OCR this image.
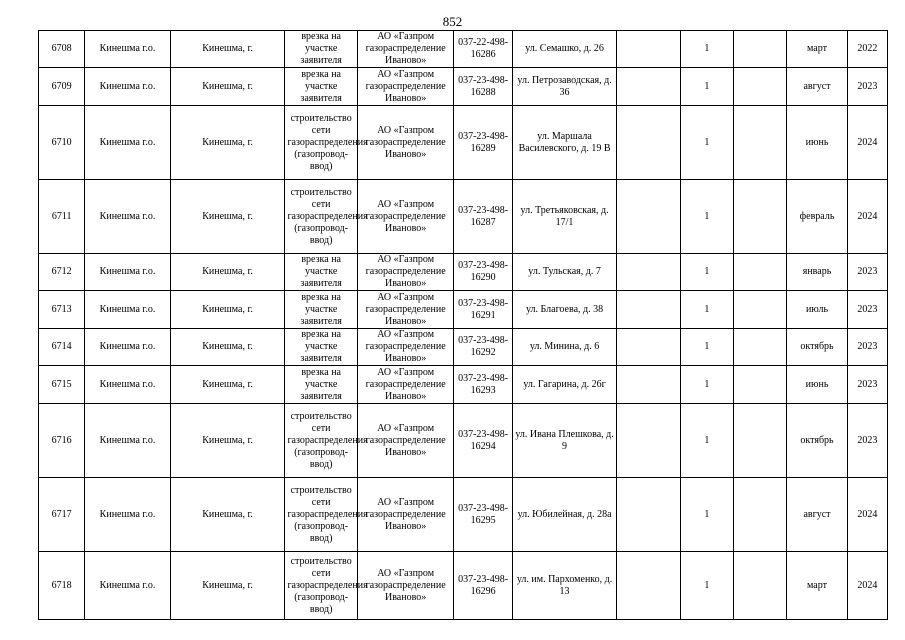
852
6708	Кинешма г.о.	Кинешма, г.	врезка на участке заявителя	АО «Газпром газораспределение Иваново»	037-22-498-16286	ул. Семашко, д. 26		1		март	2022
6709	Кинешма г.о.	Кинешма, г.	врезка на участке заявителя	АО «Газпром газораспределение Иваново»	037-23-498-16288	ул. Петрозаводская, д. 36		1		август	2023
6710	Кинешма г.о.	Кинешма, г.	строительство сети газораспределения (газопровод-ввод)	АО «Газпром газораспределение Иваново»	037-23-498-16289	ул. Маршала Василевского, д. 19 В		1		июнь	2024
6711	Кинешма г.о.	Кинешма, г.	строительство сети газораспределения (газопровод-ввод)	АО «Газпром газораспределение Иваново»	037-23-498-16287	ул. Третьяковская, д. 17/1		1		февраль	2024
6712	Кинешма г.о.	Кинешма, г.	врезка на участке заявителя	АО «Газпром газораспределение Иваново»	037-23-498-16290	ул. Тульская, д. 7		1		январь	2023
6713	Кинешма г.о.	Кинешма, г.	врезка на участке заявителя	АО «Газпром газораспределение Иваново»	037-23-498-16291	ул. Благоева, д. 38		1		июль	2023
6714	Кинешма г.о.	Кинешма, г.	врезка на участке заявителя	АО «Газпром газораспределение Иваново»	037-23-498-16292	ул. Минина, д. 6		1		октябрь	2023
6715	Кинешма г.о.	Кинешма, г.	врезка на участке заявителя	АО «Газпром газораспределение Иваново»	037-23-498-16293	ул. Гагарина, д. 26г		1		июнь	2023
6716	Кинешма г.о.	Кинешма, г.	строительство сети газораспределения (газопровод-ввод)	АО «Газпром газораспределение Иваново»	037-23-498-16294	ул. Ивана Плешкова, д. 9		1		октябрь	2023
6717	Кинешма г.о.	Кинешма, г.	строительство сети газораспределения (газопровод-ввод)	АО «Газпром газораспределение Иваново»	037-23-498-16295	ул. Юбилейная, д. 28а		1		август	2024
6718	Кинешма г.о.	Кинешма, г.	строительство сети газораспределения (газопровод-ввод)	АО «Газпром газораспределение Иваново»	037-23-498-16296	ул. им. Пархоменко, д. 13		1		март	2024
